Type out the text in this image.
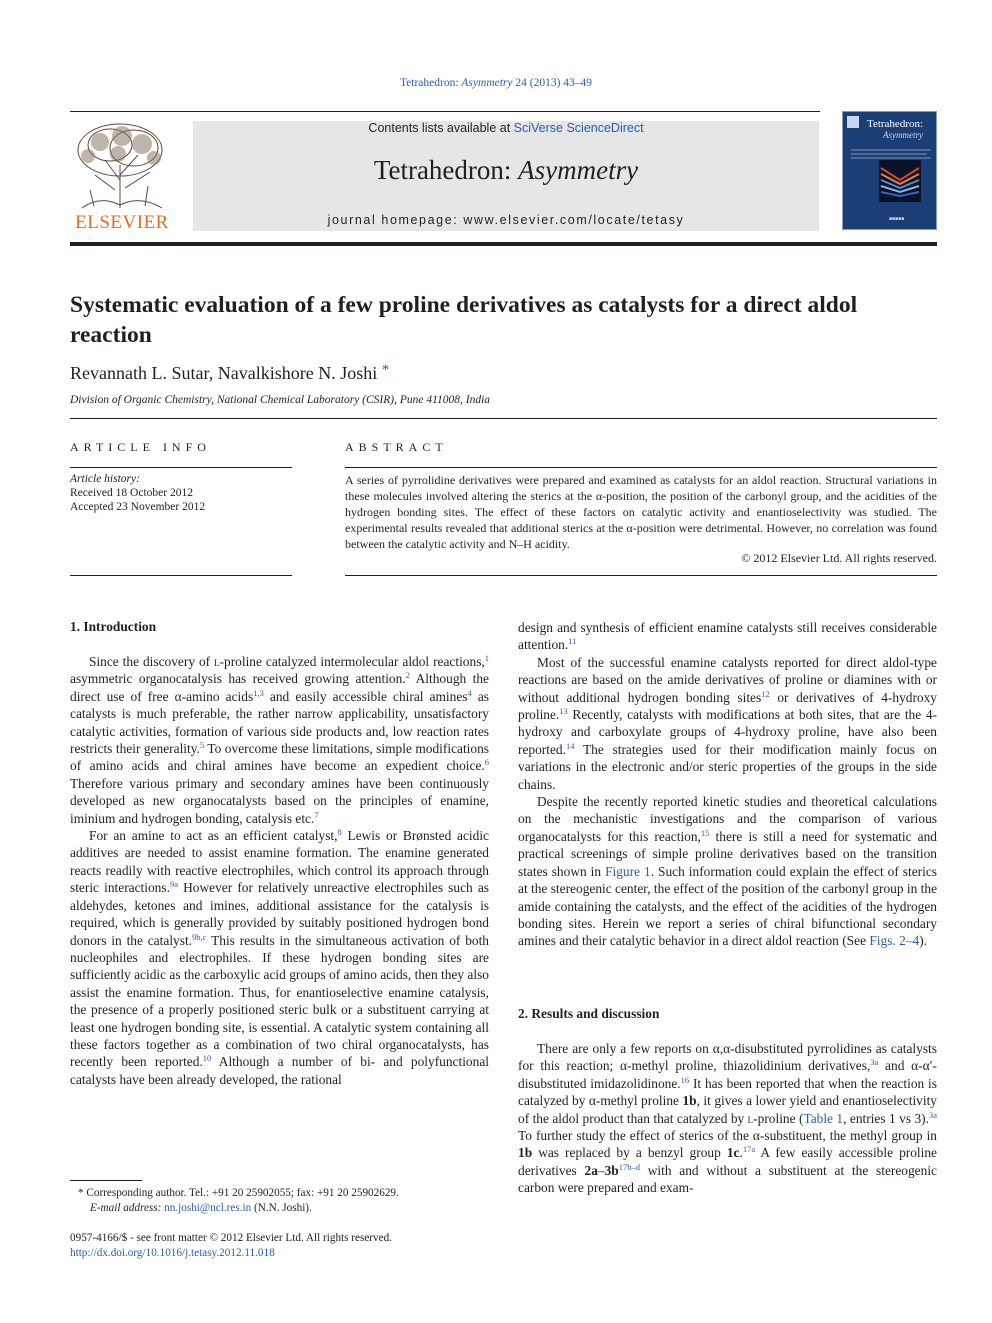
Tetrahedron: Asymmetry 24 (2013) 43–49
ELSEVIER
Contents lists available at SciVerse ScienceDirect
Tetrahedron: Asymmetry
journal homepage: www.elsevier.com/locate/tetasy
Tetrahedron:
Asymmetry
■■■■■
Systematic evaluation of a few proline derivatives as catalysts for a direct aldol reaction
Revannath L. Sutar, Navalkishore N. Joshi *
Division of Organic Chemistry, National Chemical Laboratory (CSIR), Pune 411008, India
ARTICLE INFO
Article history:
Received 18 October 2012
Accepted 23 November 2012
ABSTRACT
A series of pyrrolidine derivatives were prepared and examined as catalysts for an aldol reaction. Structural variations in these molecules involved altering the sterics at the α-position, the position of the carbonyl group, and the acidities of the hydrogen bonding sites. The effect of these factors on catalytic activity and enantioselectivity was studied. The experimental results revealed that additional sterics at the α-position were detrimental. However, no correlation was found between the catalytic activity and N–H acidity.
© 2012 Elsevier Ltd. All rights reserved.
1. Introduction

Since the discovery of l-proline catalyzed intermolecular aldol reactions,$^1$ asymmetric organocatalysis has received growing attention.$^2$ Although the direct use of free α-amino acids$^{1,3}$ and easily accessible chiral amines$^4$ as catalysts is much preferable, the rather narrow applicability, unsatisfactory catalytic activities, formation of various side products and, low reaction rates restricts their generality.$^5$ To overcome these limitations, simple modifications of amino acids and chiral amines have become an expedient choice.$^6$ Therefore various primary and secondary amines have been continuously developed as new organocatalysts based on the principles of enamine, iminium and hydrogen bonding, catalysis etc.$^7$

For an amine to act as an efficient catalyst,$^8$ Lewis or Brønsted acidic additives are needed to assist enamine formation. The enamine generated reacts readily with reactive electrophiles, which control its approach through steric interactions.$^{9a}$ However for relatively unreactive electrophiles such as aldehydes, ketones and imines, additional assistance for the catalysis is required, which is generally provided by suitably positioned hydrogen bond donors in the catalyst.$^{9b,c}$ This results in the simultaneous activation of both nucleophiles and electrophiles. If these hydrogen bonding sites are sufficiently acidic as the carboxylic acid groups of amino acids, then they also assist the enamine formation. Thus, for enantioselective enamine catalysis, the presence of a properly positioned steric bulk or a substituent carrying at least one hydrogen bonding site, is essential. A catalytic system containing all these factors together as a combination of two chiral organocatalysts, has recently been reported.$^{10}$ Although a number of bi- and polyfunctional catalysts have been already developed, the rational

* Corresponding author. Tel.: +91 20 25902055; fax: +91 20 25902629.
E-mail address: nn.joshi@ncl.res.in (N.N. Joshi).
0957-4166/$ - see front matter © 2012 Elsevier Ltd. All rights reserved.
http://dx.doi.org/10.1016/j.tetasy.2012.11.018

design and synthesis of efficient enamine catalysts still receives considerable attention.$^{11}$

Most of the successful enamine catalysts reported for direct aldol-type reactions are based on the amide derivatives of proline or diamines with or without additional hydrogen bonding sites$^{12}$ or derivatives of 4-hydroxy proline.$^{13}$ Recently, catalysts with modifications at both sites, that are the 4-hydroxy and carboxylate groups of 4-hydroxy proline, have also been reported.$^{14}$ The strategies used for their modification mainly focus on variations in the electronic and/or steric properties of the groups in the side chains.

Despite the recently reported kinetic studies and theoretical calculations on the mechanistic investigations and the comparison of various organocatalysts for this reaction,$^{15}$ there is still a need for systematic and practical screenings of simple proline derivatives based on the transition states shown in Figure 1. Such information could explain the effect of sterics at the stereogenic center, the effect of the position of the carbonyl group in the amide containing the catalysts, and the effect of the acidities of the hydrogen bonding sites. Herein we report a series of chiral bifunctional secondary amines and their catalytic behavior in a direct aldol reaction (See Figs. 2–4).

2. Results and discussion

There are only a few reports on α,α-disubstituted pyrrolidines as catalysts for this reaction; α-methyl proline, thiazolidinium derivatives,$^{3a}$ and α-α′-disubstituted imidazolidinone.$^{16}$ It has been reported that when the reaction is catalyzed by α-methyl proline 1b, it gives a lower yield and enantioselectivity of the aldol product than that catalyzed by l-proline (Table 1, entries 1 vs 3).$^{3a}$ To further study the effect of sterics of the α-substituent, the methyl group in 1b was replaced by a benzyl group 1c.$^{17a}$ A few easily accessible proline derivatives $2a-3b^{17b-d}$ with and without a substituent at the stereogenic carbon were prepared and exam-
